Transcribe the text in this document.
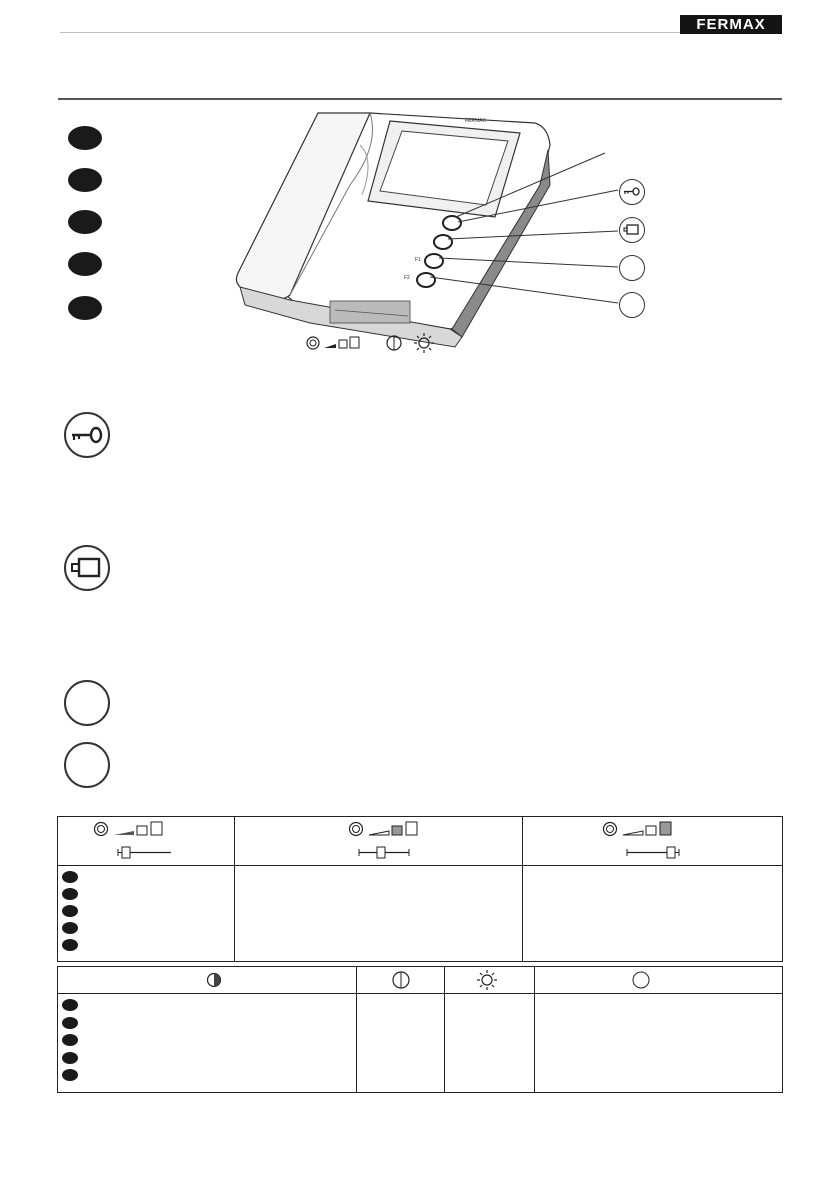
FERMAX
FERMAX
F1
F2
